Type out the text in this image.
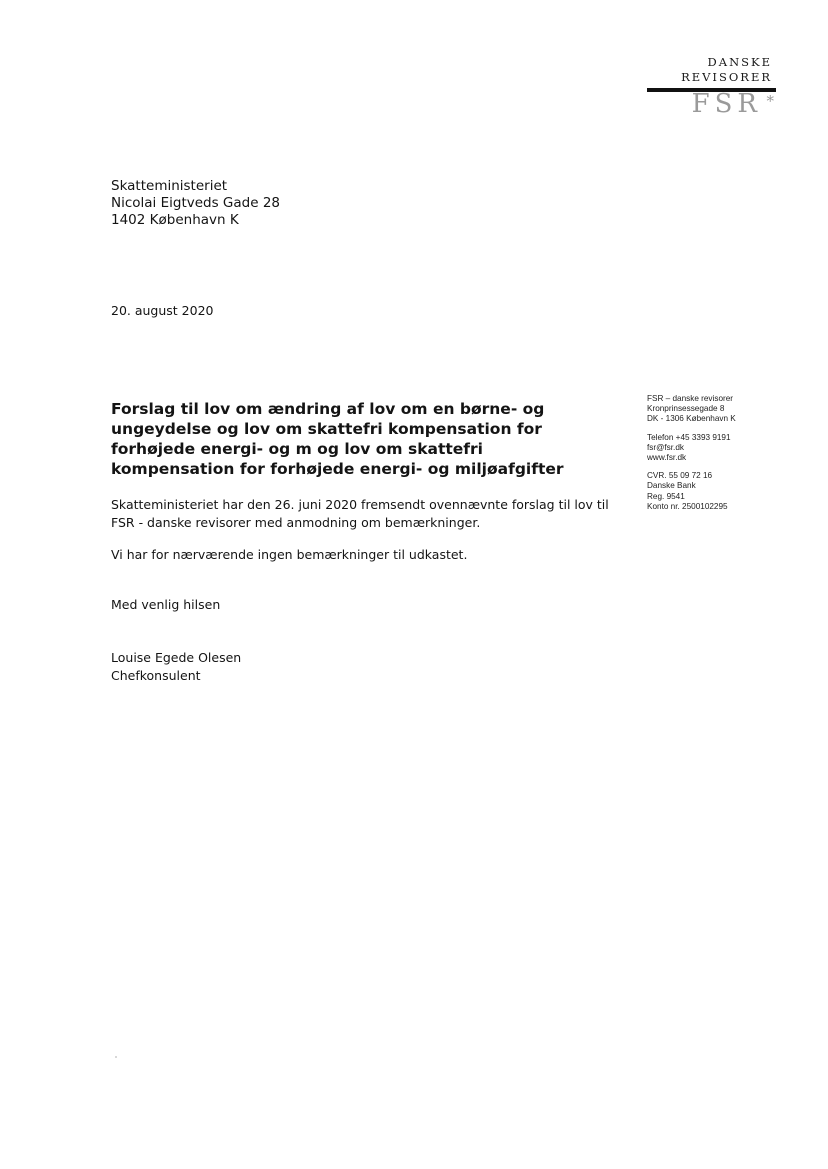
DANSKE
REVISORER
FSR *
Skatteministeriet
Nicolai Eigtveds Gade 28
1402 København K
20. august 2020
Forslag til lov om ændring af lov om en børne- og
ungeydelse og lov om skattefri kompensation for
forhøjede energi- og m og lov om skattefri
kompensation for forhøjede energi- og miljøafgifter
Skatteministeriet har den 26. juni 2020 fremsendt ovennævnte forslag til lov til
FSR - danske revisorer med anmodning om bemærkninger.
Vi har for nærværende ingen bemærkninger til udkastet.
Med venlig hilsen
Louise Egede Olesen
Chefkonsulent
FSR – danske revisorer
Kronprinsessegade 8
DK - 1306 København K
Telefon +45 3393 9191
fsr@fsr.dk
www.fsr.dk
CVR. 55 09 72 16
Danske Bank
Reg. 9541
Konto nr. 2500102295
